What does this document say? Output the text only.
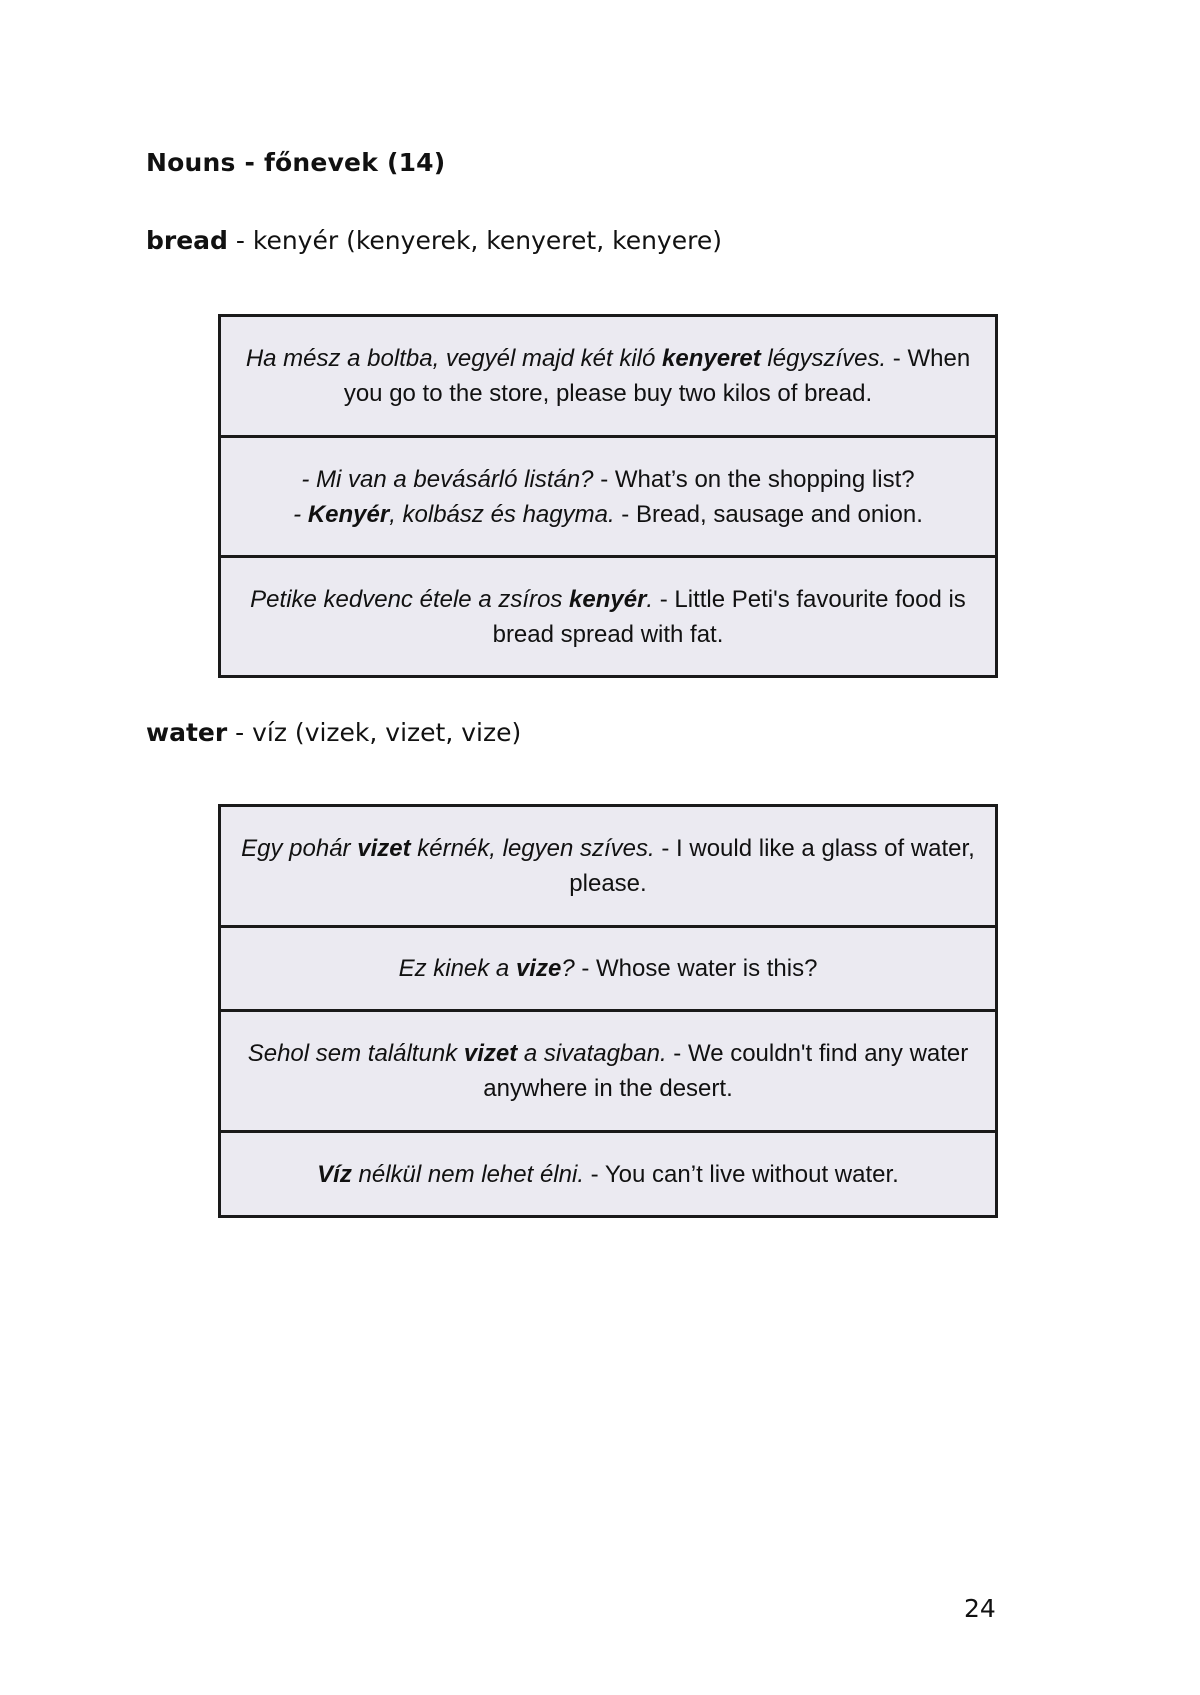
Nouns - főnevek (14)
bread - kenyér (kenyerek, kenyeret, kenyere)
Ha mész a boltba, vegyél majd két kiló kenyeret légyszíves. - When you go to the store, please buy two kilos of bread.
- Mi van a bevásárló listán? - What’s on the shopping list?
- Kenyér, kolbász és hagyma. - Bread, sausage and onion.
Petike kedvenc étele a zsíros kenyér. - Little Peti's favourite food is bread spread with fat.
water - víz (vizek, vizet, vize)
Egy pohár vizet kérnék, legyen szíves. - I would like a glass of water, please.
Ez kinek a vize? - Whose water is this?
Sehol sem találtunk vizet a sivatagban. - We couldn't find any water anywhere in the desert.
Víz nélkül nem lehet élni. - You can’t live without water.
24
